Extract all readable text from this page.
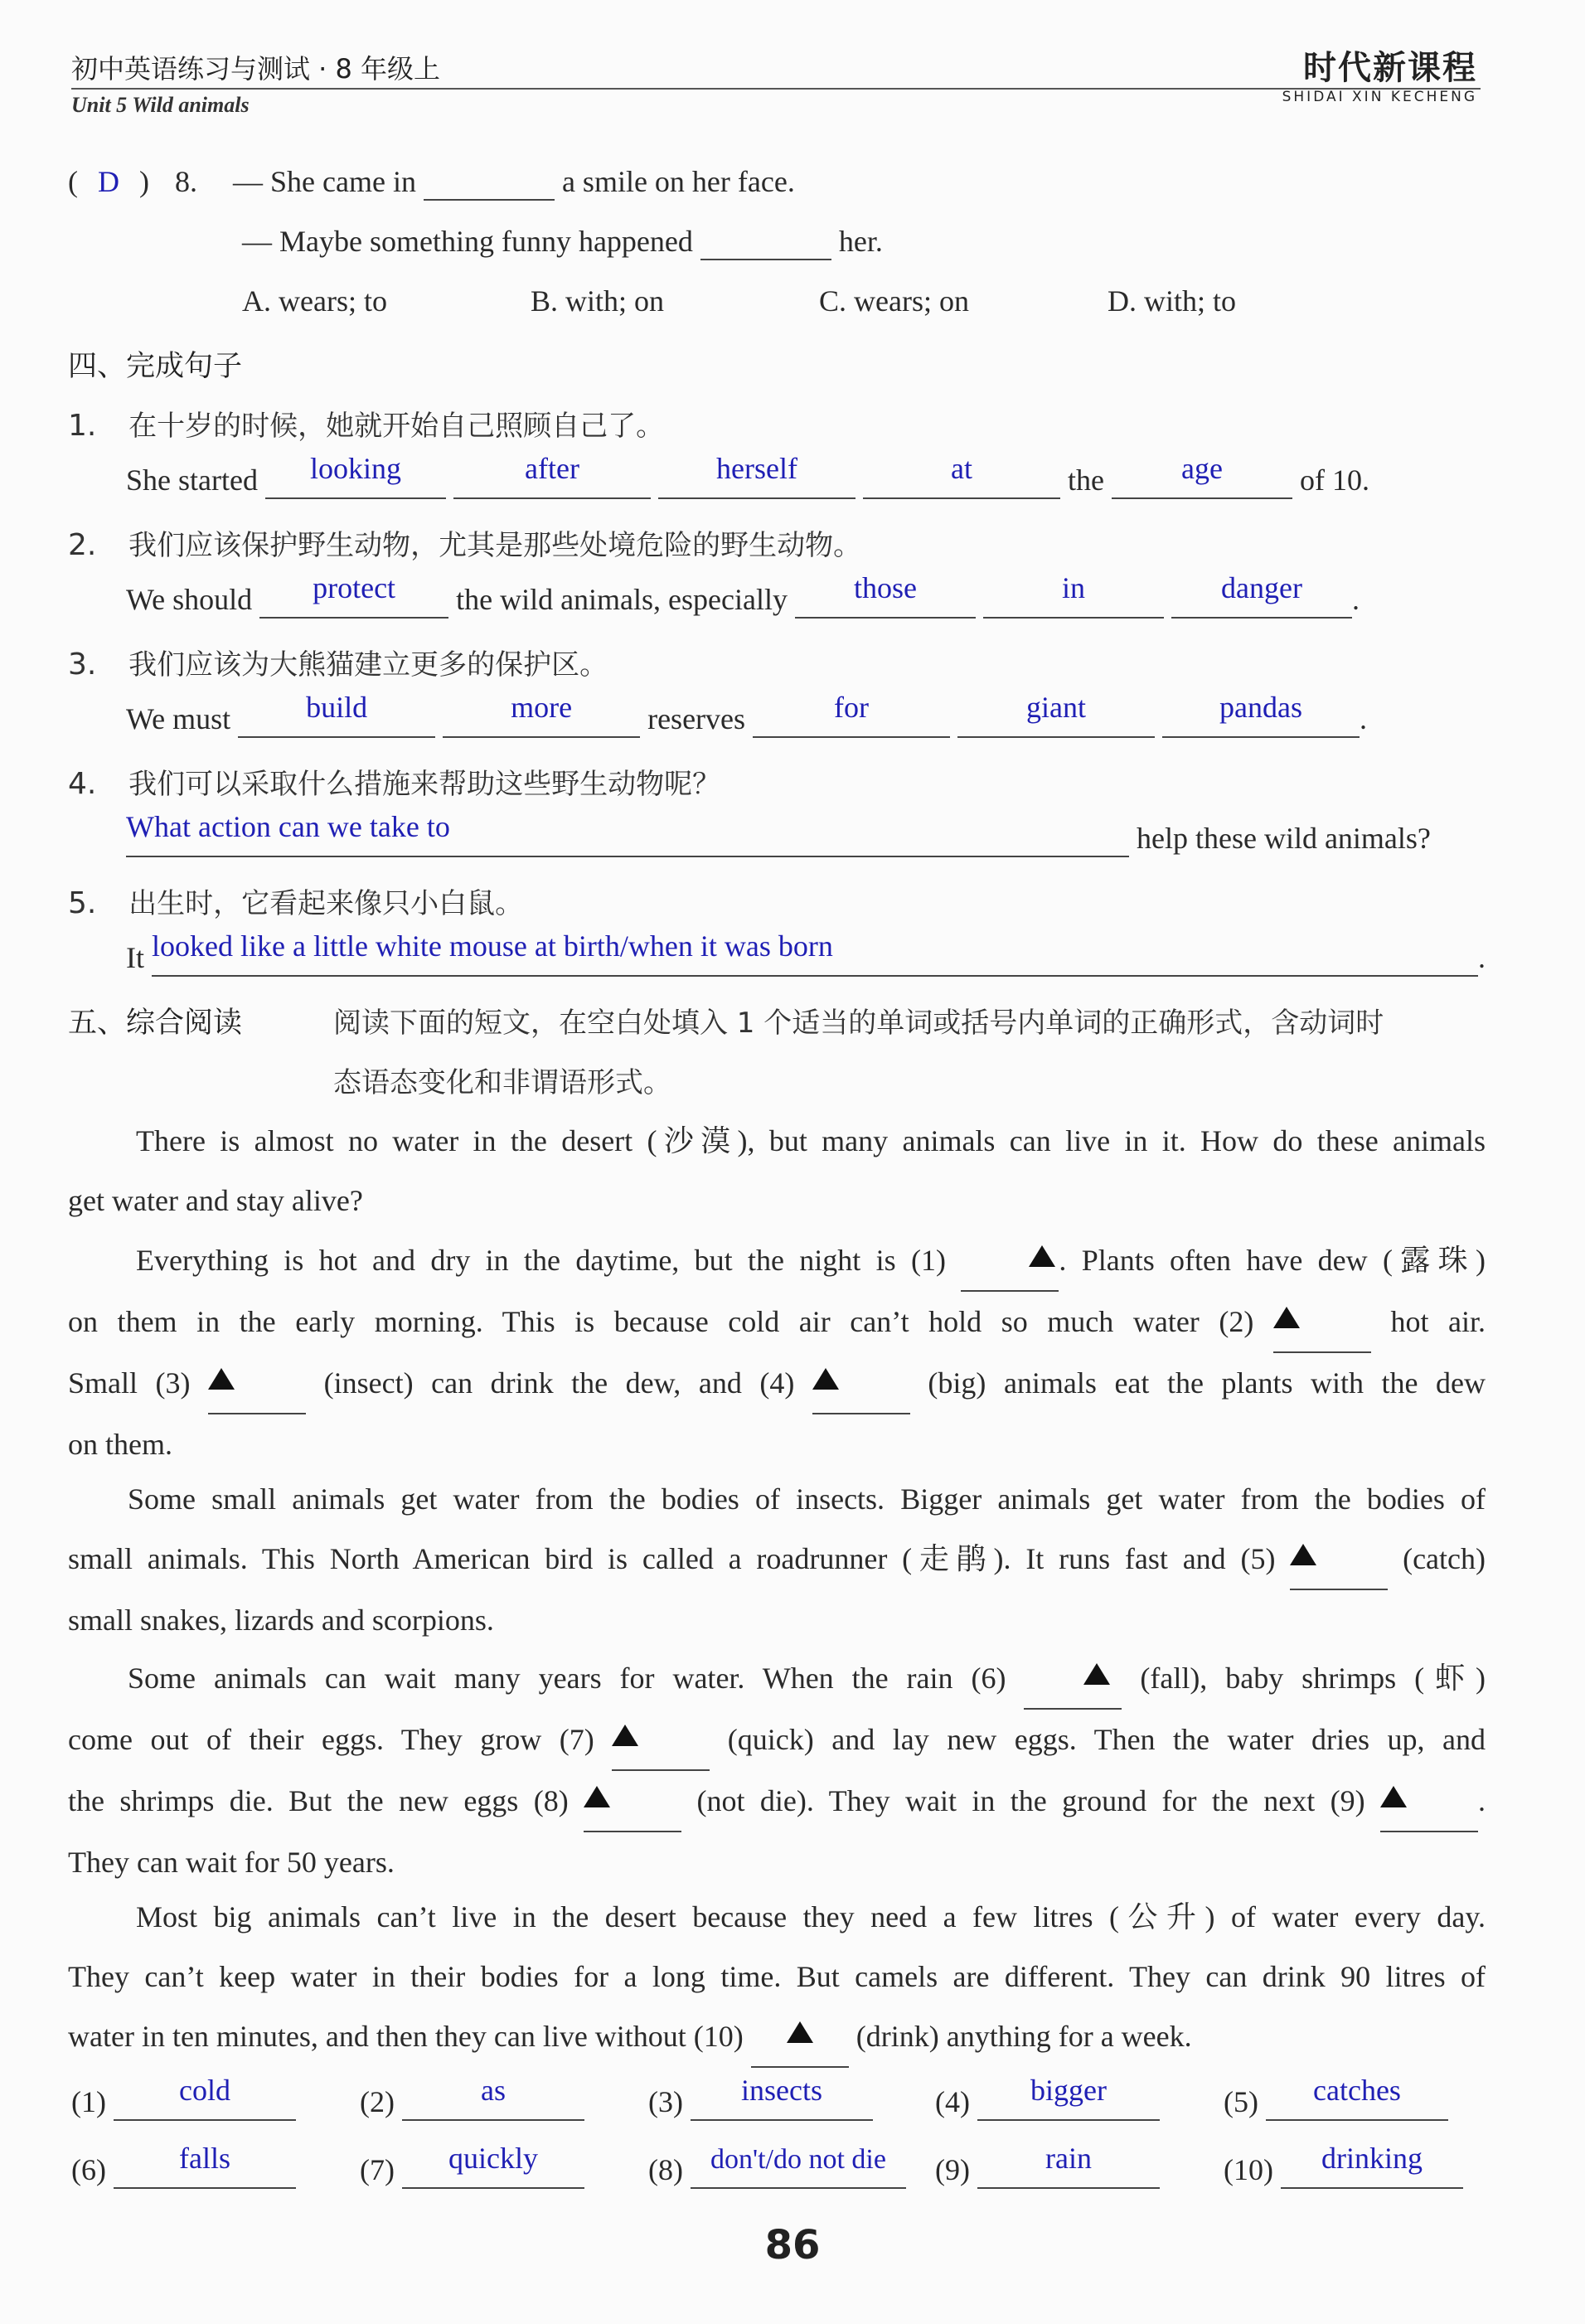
初中英语练习与测试 · 8 年级上
Unit 5 Wild animals
时代新课程
SHIDAI XIN KECHENG
( D ) 8. — She came in	a smile on her face.
— Maybe something funny happened	her.
A. wears; to	B. with; on	C. wears; on	D. with; to
四、完成句子
1. 在十岁的时候，她就开始自己照顾自己了。
She started looking	after	herself	at	the	age	of 10.
2. 我们应该保护野生动物，尤其是那些处境危险的野生动物。
We should protect the wild animals, especially those	in	danger .
3. 我们应该为大熊猫建立更多的保护区。
We must	build	more	reserves	for	giant	pandas .
4. 我们可以采取什么措施来帮助这些野生动物呢？
What action can we take to	help these wild animals?
5. 出生时，它看起来像只小白鼠。
It looked like a little white mouse at birth/when it was born	.
五、综合阅读	阅读下面的短文，在空白处填入 1 个适当的单词或括号内单词的正确形式，含动词时
态语态变化和非谓语形式。
There is almost no water in the desert (沙漠), but many animals can live in it. How do these animals
get water and stay alive?
Everything is hot and dry in the daytime, but the night is (1)	. Plants often have dew (露珠)
on them in the early morning. This is because cold air can’t hold so much water (2)	hot air.
Small (3)	(insect) can drink the dew, and (4)	(big) animals eat the plants with the dew
on them.
Some small animals get water from the bodies of insects. Bigger animals get water from the bodies of
small animals. This North American bird is called a roadrunner (走鹃). It runs fast and (5)	(catch)
small snakes, lizards and scorpions.
Some animals can wait many years for water. When the rain (6)	(fall), baby shrimps (虾)
come out of their eggs. They grow (7)	(quick) and lay new eggs. Then the water dries up, and
the shrimps die. But the new eggs (8)	(not die). They wait in the ground for the next (9)	.
They can wait for 50 years.
Most big animals can’t live in the desert because they need a few litres (公升) of water every day.
They can’t keep water in their bodies for a long time. But camels are different. They can drink 90 litres of
water in ten minutes, and then they can live without (10)	(drink) anything for a week.
(1) cold	(2)	as	(3) insects	(4) bigger	(5) catches
(6) falls	(7) quickly	(8) don't/do not die	(9)	rain	(10) drinking
86
